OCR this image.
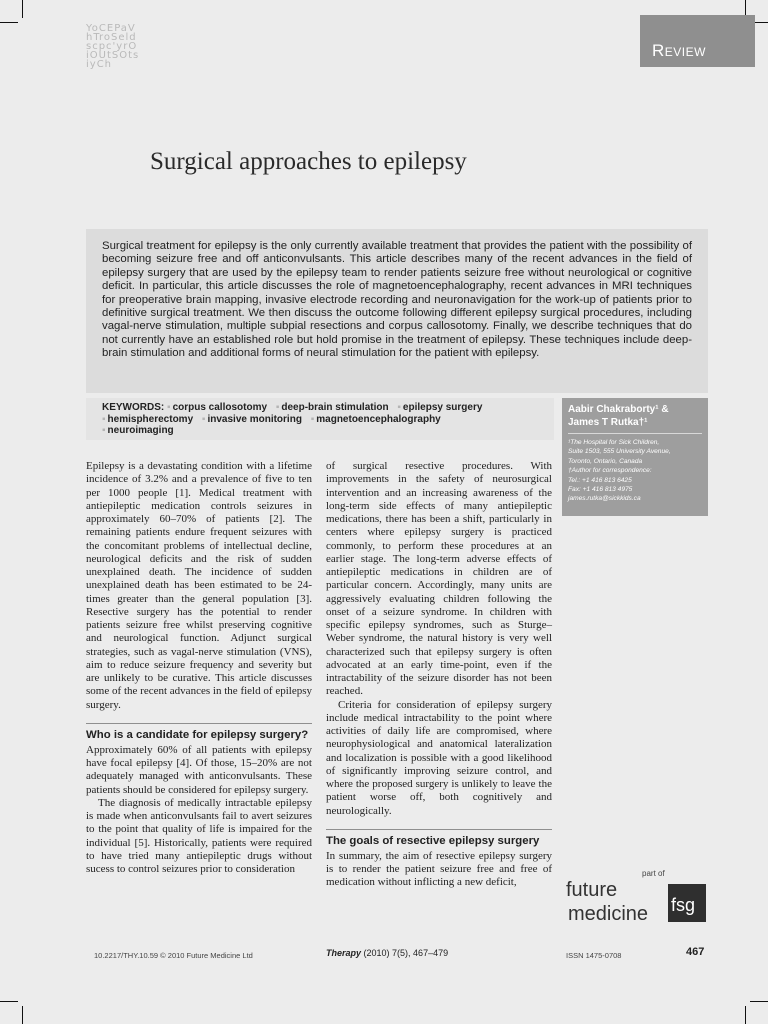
Review
YoCEPaVhTroSeldscpc'yrOiOUtSOtsiyCh
Surgical approaches to epilepsy
Surgical treatment for epilepsy is the only currently available treatment that provides the patient with the possibility of becoming seizure free and off anticonvulsants. This article describes many of the recent advances in the field of epilepsy surgery that are used by the epilepsy team to render patients seizure free without neurological or cognitive deficit. In particular, this article discusses the role of magnetoencephalography, recent advances in MRI techniques for preoperative brain mapping, invasive electrode recording and neuronavigation for the work-up of patients prior to definitive surgical treatment. We then discuss the outcome following different epilepsy surgical procedures, including vagal-nerve stimulation, multiple subpial resections and corpus callosotomy. Finally, we describe techniques that do not currently have an established role but hold promise in the treatment of epilepsy. These techniques include deep-brain stimulation and additional forms of neural stimulation for the patient with epilepsy.
KEYWORDS: ▪ corpus callosotomy ▪ deep-brain stimulation ▪ epilepsy surgery
▪ hemispherectomy ▪ invasive monitoring ▪ magnetoencephalography
▪ neuroimaging
Aabir Chakraborty¹ & James T Rutka†¹
¹The Hospital for Sick Children,
Suite 1503, 555 University Avenue,
Toronto, Ontario, Canada
†Author for correspondence:
Tel.: +1 416 813 6425
Fax: +1 416 813 4975
james.rutka@sickkids.ca

Epilepsy is a devastating condition with a lifetime incidence of 3.2% and a prevalence of five to ten per 1000 people [1]. Medical treatment with antiepileptic medication controls seizures in approximately 60–70% of patients [2]. The remaining patients endure frequent seizures with the concomitant problems of intellectual decline, neurological deficits and the risk of sudden unexplained death. The incidence of sudden unexplained death has been estimated to be 24-times greater than the general population [3]. Resective surgery has the potential to render patients seizure free whilst preserving cognitive and neurological function. Adjunct surgical strategies, such as vagal-nerve stimulation (VNS), aim to reduce seizure frequency and severity but are unlikely to be curative. This article discusses some of the recent advances in the field of epilepsy surgery.

Who is a candidate for epilepsy surgery?

Approximately 60% of all patients with epilepsy have focal epilepsy [4]. Of those, 15–20% are not adequately managed with anticonvulsants. These patients should be considered for epilepsy surgery.

The diagnosis of medically intractable epilepsy is made when anticonvulsants fail to avert seizures to the point that quality of life is impaired for the individual [5]. Historically, patients were required to have tried many antiepileptic drugs without sucess to control seizures prior to consideration

of surgical resective procedures. With improvements in the safety of neurosurgical intervention and an increasing awareness of the long-term side effects of many antiepileptic medications, there has been a shift, particularly in centers where epilepsy surgery is practiced commonly, to perform these procedures at an earlier stage. The long-term adverse effects of antiepileptic medications in children are of particular concern. Accordingly, many units are aggressively evaluating children following the onset of a seizure syndrome. In children with specific epilepsy syndromes, such as Sturge–Weber syndrome, the natural history is very well characterized such that epilepsy surgery is often advocated at an early time-point, even if the intractability of the seizure disorder has not been reached.

Criteria for consideration of epilepsy surgery include medical intractability to the point where activities of daily life are compromised, where neurophysiological and anatomical lateralization and localization is possible with a good likelihood of significantly improving seizure control, and where the proposed surgery is unlikely to leave the patient worse off, both cognitively and neurologically.

The goals of resective epilepsy surgery

In summary, the aim of resective epilepsy surgery is to render the patient seizure free and free of medication without inflicting a new deficit,	future
medicine
part of
fsg
10.2217/THY.10.59 © 2010 Future Medicine Ltd	Therapy (2010) 7(5), 467–479	ISSN 1475-0708	467
